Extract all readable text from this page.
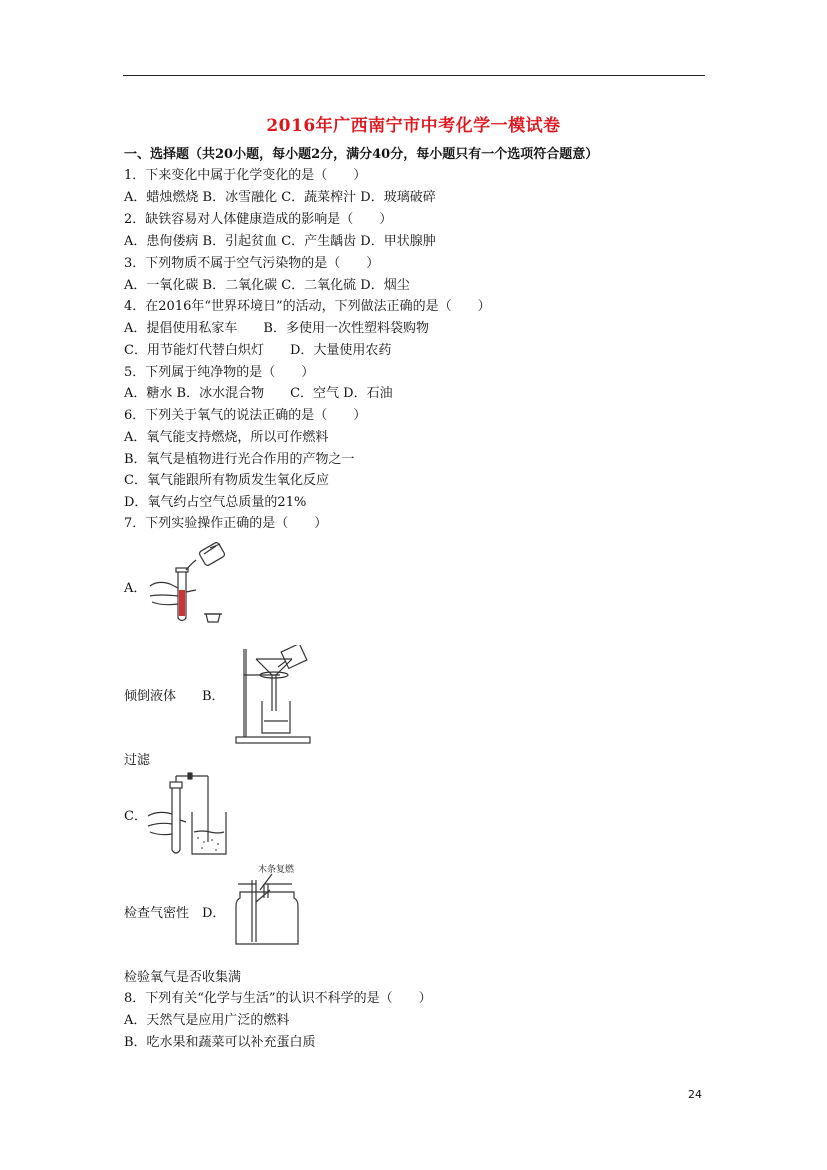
2016年广西南宁市中考化学一模试卷
一、选择题（共20小题，每小题2分，满分40分，每小题只有一个选项符合题意）
1．下来变化中属于化学变化的是（　　）
A．蜡烛燃烧 B．冰雪融化 C．蔬菜榨汁 D．玻璃破碎
2．缺铁容易对人体健康造成的影响是（　　）
A．患佝偻病 B．引起贫血 C．产生龋齿 D．甲状腺肿
3．下列物质不属于空气污染物的是（　　）
A．一氧化碳 B．二氧化碳 C．二氧化硫 D．烟尘
4．在2016年“世界环境日”的活动，下列做法正确的是（　　）
A．提倡使用私家车　　B．多使用一次性塑料袋购物
C．用节能灯代替白炽灯　　D．大量使用农药
5．下列属于纯净物的是（　　）
A．糖水 B．冰水混合物　　C．空气 D．石油
6．下列关于氧气的说法正确的是（　　）
A．氧气能支持燃烧，所以可作燃料
B．氧气是植物进行光合作用的产物之一
C．氧气能跟所有物质发生氧化反应
D．氧气约占空气总质量的21%
7．下列实验操作正确的是（　　）
A．
倾倒液体　　B．
过滤
C．
检查气密性　D．
木条复燃
检验氧气是否收集满
8．下列有关“化学与生活”的认识不科学的是（　　）
A．天然气是应用广泛的燃料
B．吃水果和蔬菜可以补充蛋白质
24
